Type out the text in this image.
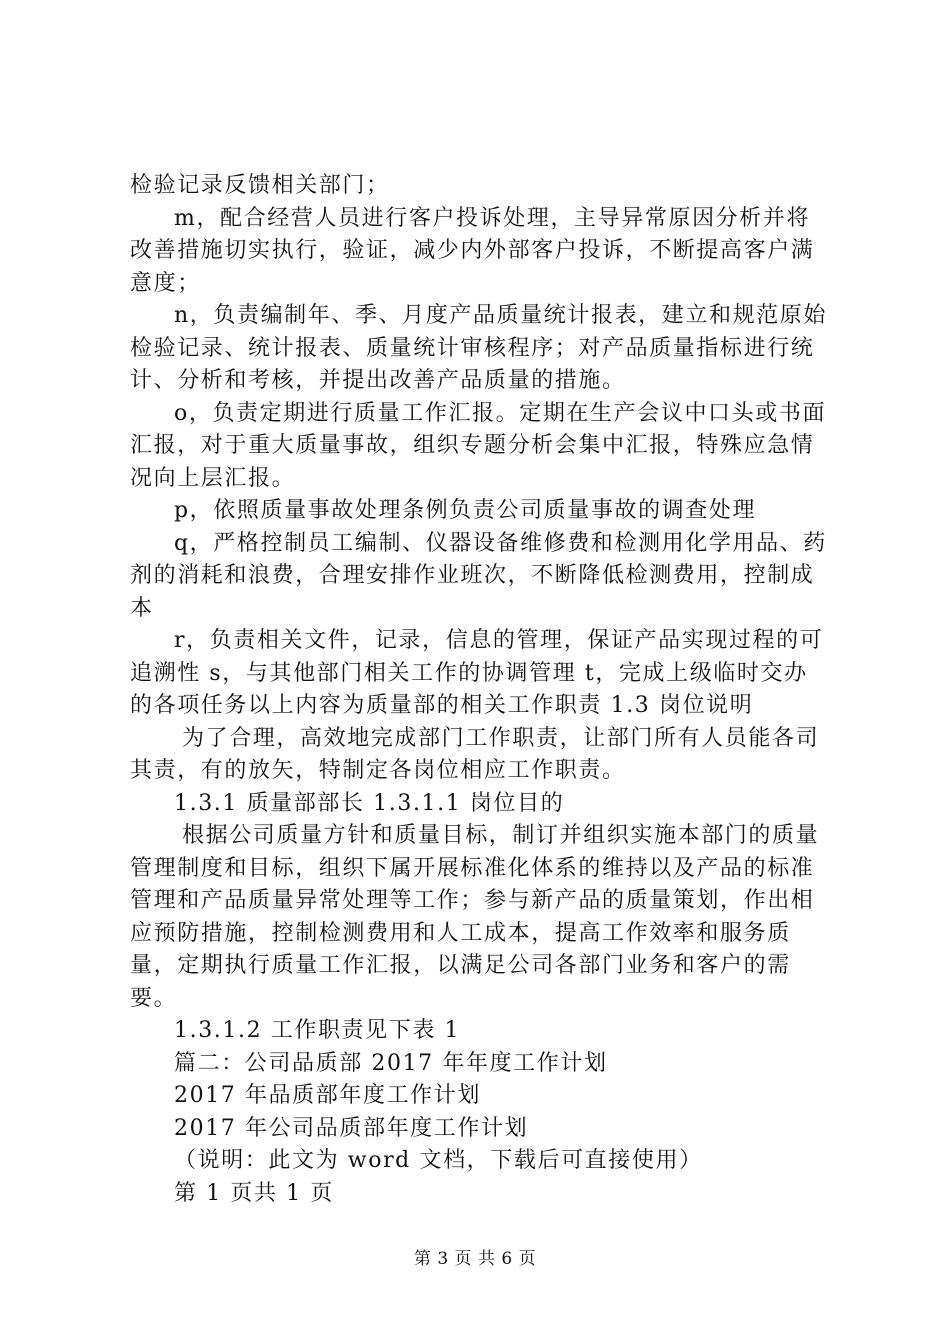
检验记录反馈相关部门；

m，配合经营人员进行客户投诉处理，主导异常原因分析并将改善措施切实执行，验证，减少内外部客户投诉，不断提高客户满意度；

n，负责编制年、季、月度产品质量统计报表，建立和规范原始检验记录、统计报表、质量统计审核程序；对产品质量指标进行统计、分析和考核，并提出改善产品质量的措施。

o，负责定期进行质量工作汇报。定期在生产会议中口头或书面汇报，对于重大质量事故，组织专题分析会集中汇报，特殊应急情况向上层汇报。

p，依照质量事故处理条例负责公司质量事故的调查处理

q，严格控制员工编制、仪器设备维修费和检测用化学用品、药剂的消耗和浪费，合理安排作业班次，不断降低检测费用，控制成本

r，负责相关文件，记录，信息的管理，保证产品实现过程的可追溯性 s，与其他部门相关工作的协调管理 t，完成上级临时交办的各项任务以上内容为质量部的相关工作职责 1.3 岗位说明

为了合理，高效地完成部门工作职责，让部门所有人员能各司其责，有的放矢，特制定各岗位相应工作职责。

1.3.1 质量部部长 1.3.1.1 岗位目的

根据公司质量方针和质量目标，制订并组织实施本部门的质量管理制度和目标，组织下属开展标准化体系的维持以及产品的标准管理和产品质量异常处理等工作；参与新产品的质量策划，作出相应预防措施，控制检测费用和人工成本，提高工作效率和服务质量，定期执行质量工作汇报，以满足公司各部门业务和客户的需要。

1.3.1.2 工作职责见下表 1

篇二：公司品质部 2017 年年度工作计划

2017 年品质部年度工作计划

2017 年公司品质部年度工作计划

（说明：此文为 word 文档，下载后可直接使用）

第 1 页共 1 页

第 3 页 共 6 页
